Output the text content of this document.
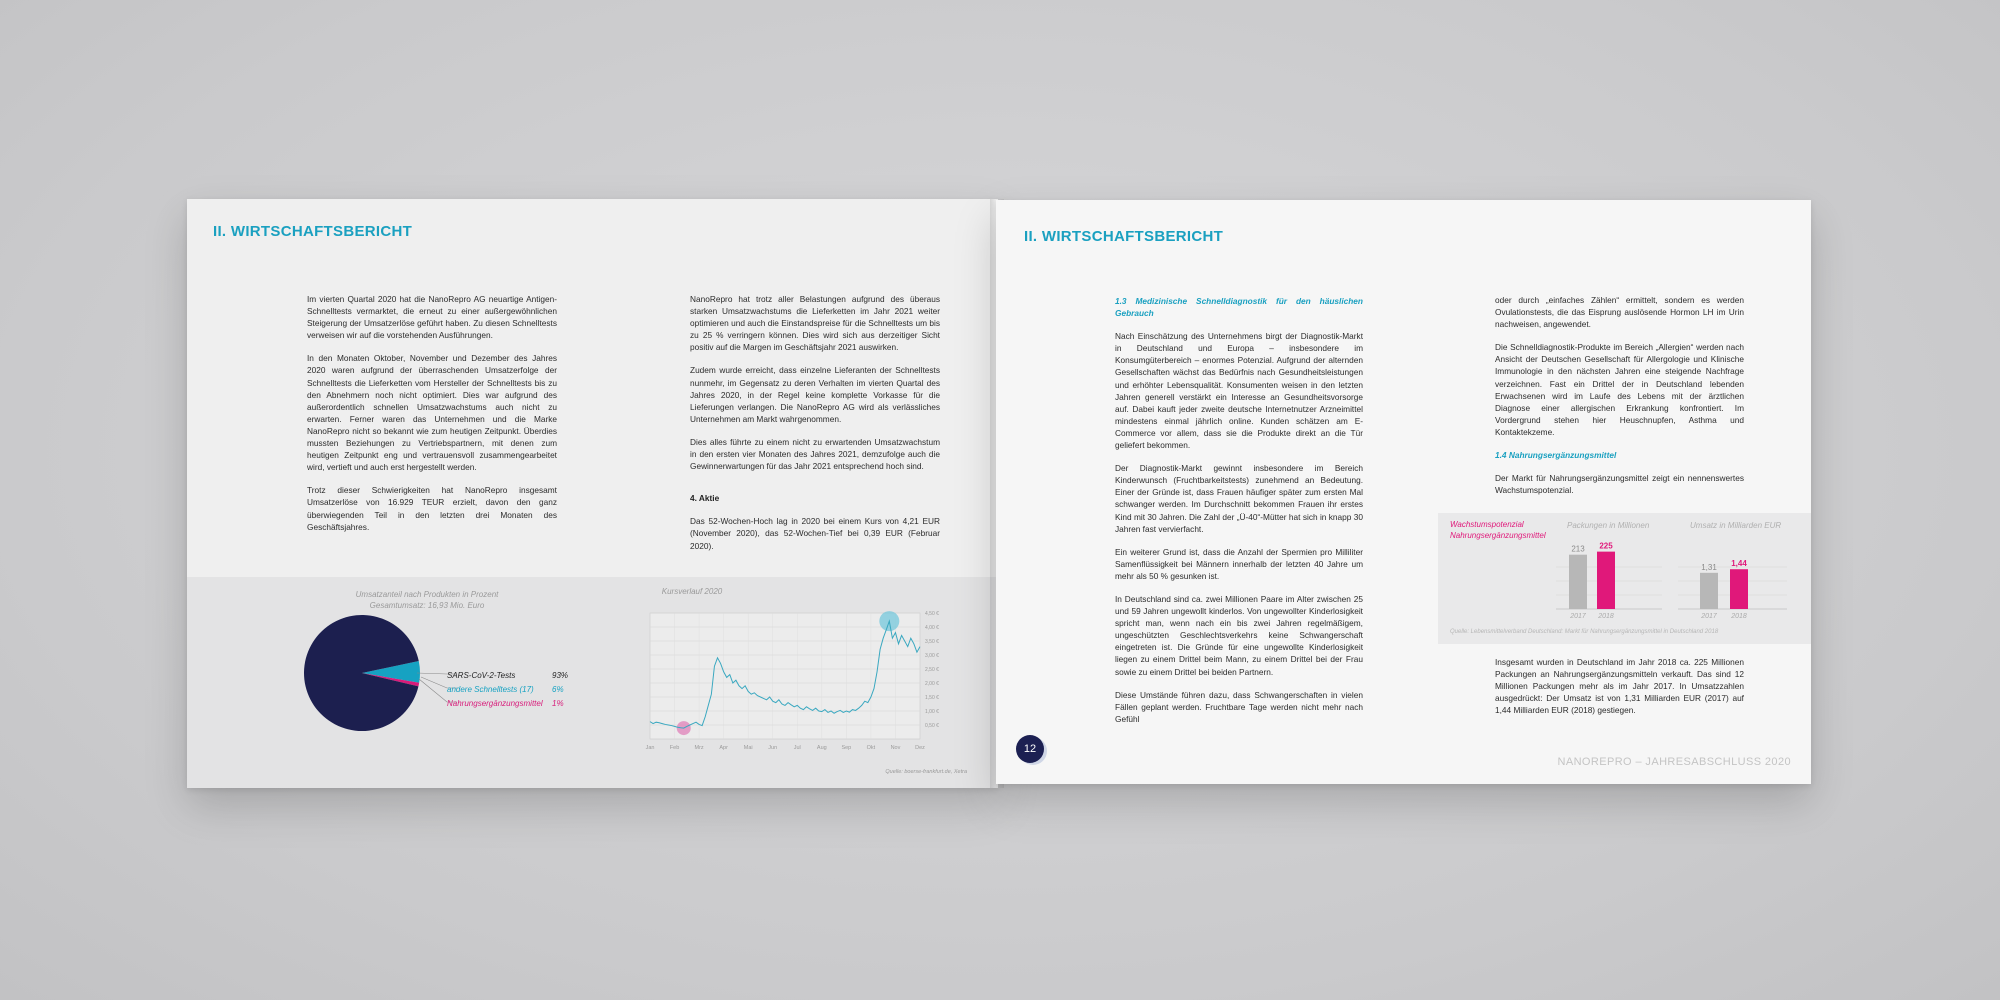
II. WIRTSCHAFTSBERICHT

Im vierten Quartal 2020 hat die NanoRepro AG neuartige Antigen-Schnelltests vermarktet, die erneut zu einer außergewöhnlichen Steigerung der Umsatzerlöse geführt haben. Zu diesen Schnelltests verweisen wir auf die vorstehenden Ausführungen.

In den Monaten Oktober, November und Dezember des Jahres 2020 waren aufgrund der überraschenden Umsatzerfolge der Schnelltests die Lieferketten vom Hersteller der Schnelltests bis zu den Abnehmern noch nicht optimiert. Dies war aufgrund des außerordentlich schnellen Umsatzwachstums auch nicht zu erwarten. Ferner waren das Unternehmen und die Marke NanoRepro nicht so bekannt wie zum heutigen Zeitpunkt. Überdies mussten Beziehungen zu Vertriebspartnern, mit denen zum heutigen Zeitpunkt eng und vertrauensvoll zusammengearbeitet wird, vertieft und auch erst hergestellt werden.

Trotz dieser Schwierigkeiten hat NanoRepro insgesamt Umsatzerlöse von 16.929 TEUR erzielt, davon den ganz überwiegenden Teil in den letzten drei Monaten des Geschäftsjahres.

NanoRepro hat trotz aller Belastungen aufgrund des überaus starken Umsatzwachstums die Lieferketten im Jahr 2021 weiter optimieren und auch die Einstandspreise für die Schnelltests um bis zu 25 % verringern können. Dies wird sich aus derzeitiger Sicht positiv auf die Margen im Geschäftsjahr 2021 auswirken.

Zudem wurde erreicht, dass einzelne Lieferanten der Schnelltests nunmehr, im Gegensatz zu deren Verhalten im vierten Quartal des Jahres 2020, in der Regel keine komplette Vorkasse für die Lieferungen verlangen. Die NanoRepro AG wird als verlässliches Unternehmen am Markt wahrgenommen.

Dies alles führte zu einem nicht zu erwartenden Umsatzwachstum in den ersten vier Monaten des Jahres 2021, demzufolge auch die Gewinnerwartungen für das Jahr 2021 entsprechend hoch sind.

4. Aktie

Das 52-Wochen-Hoch lag in 2020 bei einem Kurs von 4,21 EUR (November 2020), das 52-Wochen-Tief bei 0,39 EUR (Februar 2020).

Umsatzanteil nach Produkten in Prozent
Gesamtumsatz: 16,93 Mio. Euro
SARS-CoV-2-Tests	93%
andere Schnelltests (17) 6%
Nahrungsergänzungsmittel 1%
Kursverlauf 2020
0,50 €
1,00 €
1,50 €
2,00 €
2,50 €
3,00 €
3,50 €
4,00 €
4,50 €
Jan	Feb	Mrz	Apr	Mai	Jun	Jul	Aug	Sep	Okt	Nov	Dez
Quelle: boerse-frankfurt.de, Xetra
II. WIRTSCHAFTSBERICHT

1.3 Medizinische Schnelldiagnostik für den häuslichen Gebrauch

Nach Einschätzung des Unternehmens birgt der Diagnostik-Markt in Deutschland und Europa – insbesondere im Konsumgüterbereich – enormes Potenzial. Aufgrund der alternden Gesellschaften wächst das Bedürfnis nach Gesundheitsleistungen und erhöhter Lebensqualität. Konsumenten weisen in den letzten Jahren generell verstärkt ein Interesse an Gesundheitsvorsorge auf. Dabei kauft jeder zweite deutsche Internetnutzer Arzneimittel mindestens einmal jährlich online. Kunden schätzen am E-Commerce vor allem, dass sie die Produkte direkt an die Tür geliefert bekommen.

Der Diagnostik-Markt gewinnt insbesondere im Bereich Kinderwunsch (Fruchtbarkeitstests) zunehmend an Bedeutung. Einer der Gründe ist, dass Frauen häufiger später zum ersten Mal schwanger werden. Im Durchschnitt bekommen Frauen ihr erstes Kind mit 30 Jahren. Die Zahl der „Ü-40“-Mütter hat sich in knapp 30 Jahren fast vervierfacht.

Ein weiterer Grund ist, dass die Anzahl der Spermien pro Milliliter Samenflüssigkeit bei Männern innerhalb der letzten 40 Jahre um mehr als 50 % gesunken ist.

In Deutschland sind ca. zwei Millionen Paare im Alter zwischen 25 und 59 Jahren ungewollt kinderlos. Von ungewollter Kinderlosigkeit spricht man, wenn nach ein bis zwei Jahren regelmäßigem, ungeschützten Geschlechtsverkehrs keine Schwangerschaft eingetreten ist. Die Gründe für eine ungewollte Kinderlosigkeit liegen zu einem Drittel beim Mann, zu einem Drittel bei der Frau sowie zu einem Drittel bei beiden Partnern.

Diese Umstände führen dazu, dass Schwangerschaften in vielen Fällen geplant werden. Fruchtbare Tage werden nicht mehr nach Gefühl

oder durch „einfaches Zählen“ ermittelt, sondern es werden Ovulationstests, die das Eisprung auslösende Hormon LH im Urin nachweisen, angewendet.

Die Schnelldiagnostik-Produkte im Bereich „Allergien“ werden nach Ansicht der Deutschen Gesellschaft für Allergologie und Klinische Immunologie in den nächsten Jahren eine steigende Nachfrage verzeichnen. Fast ein Drittel der in Deutschland lebenden Erwachsenen wird im Laufe des Lebens mit der ärztlichen Diagnose einer allergischen Erkrankung konfrontiert. Im Vordergrund stehen hier Heuschnupfen, Asthma und Kontaktekzeme.

1.4 Nahrungsergänzungsmittel

Der Markt für Nahrungsergänzungsmittel zeigt ein nennenswertes Wachstumspotenzial.

Wachstumspotenzial Nahrungsergänzungsmittel
Packungen in Millionen	Umsatz in Milliarden EUR
213
2017
225
2018
1,31
2017
1,44
2018
Quelle: Lebensmittelverband Deutschland: Markt für Nahrungsergänzungsmittel in Deutschland 2018

Insgesamt wurden in Deutschland im Jahr 2018 ca. 225 Millionen Packungen an Nahrungsergänzungsmitteln verkauft. Das sind 12 Millionen Packungen mehr als im Jahr 2017. In Umsatzzahlen ausgedrückt: Der Umsatz ist von 1,31 Milliarden EUR (2017) auf 1,44 Milliarden EUR (2018) gestiegen.

12
NANOREPRO – JAHRESABSCHLUSS 2020
